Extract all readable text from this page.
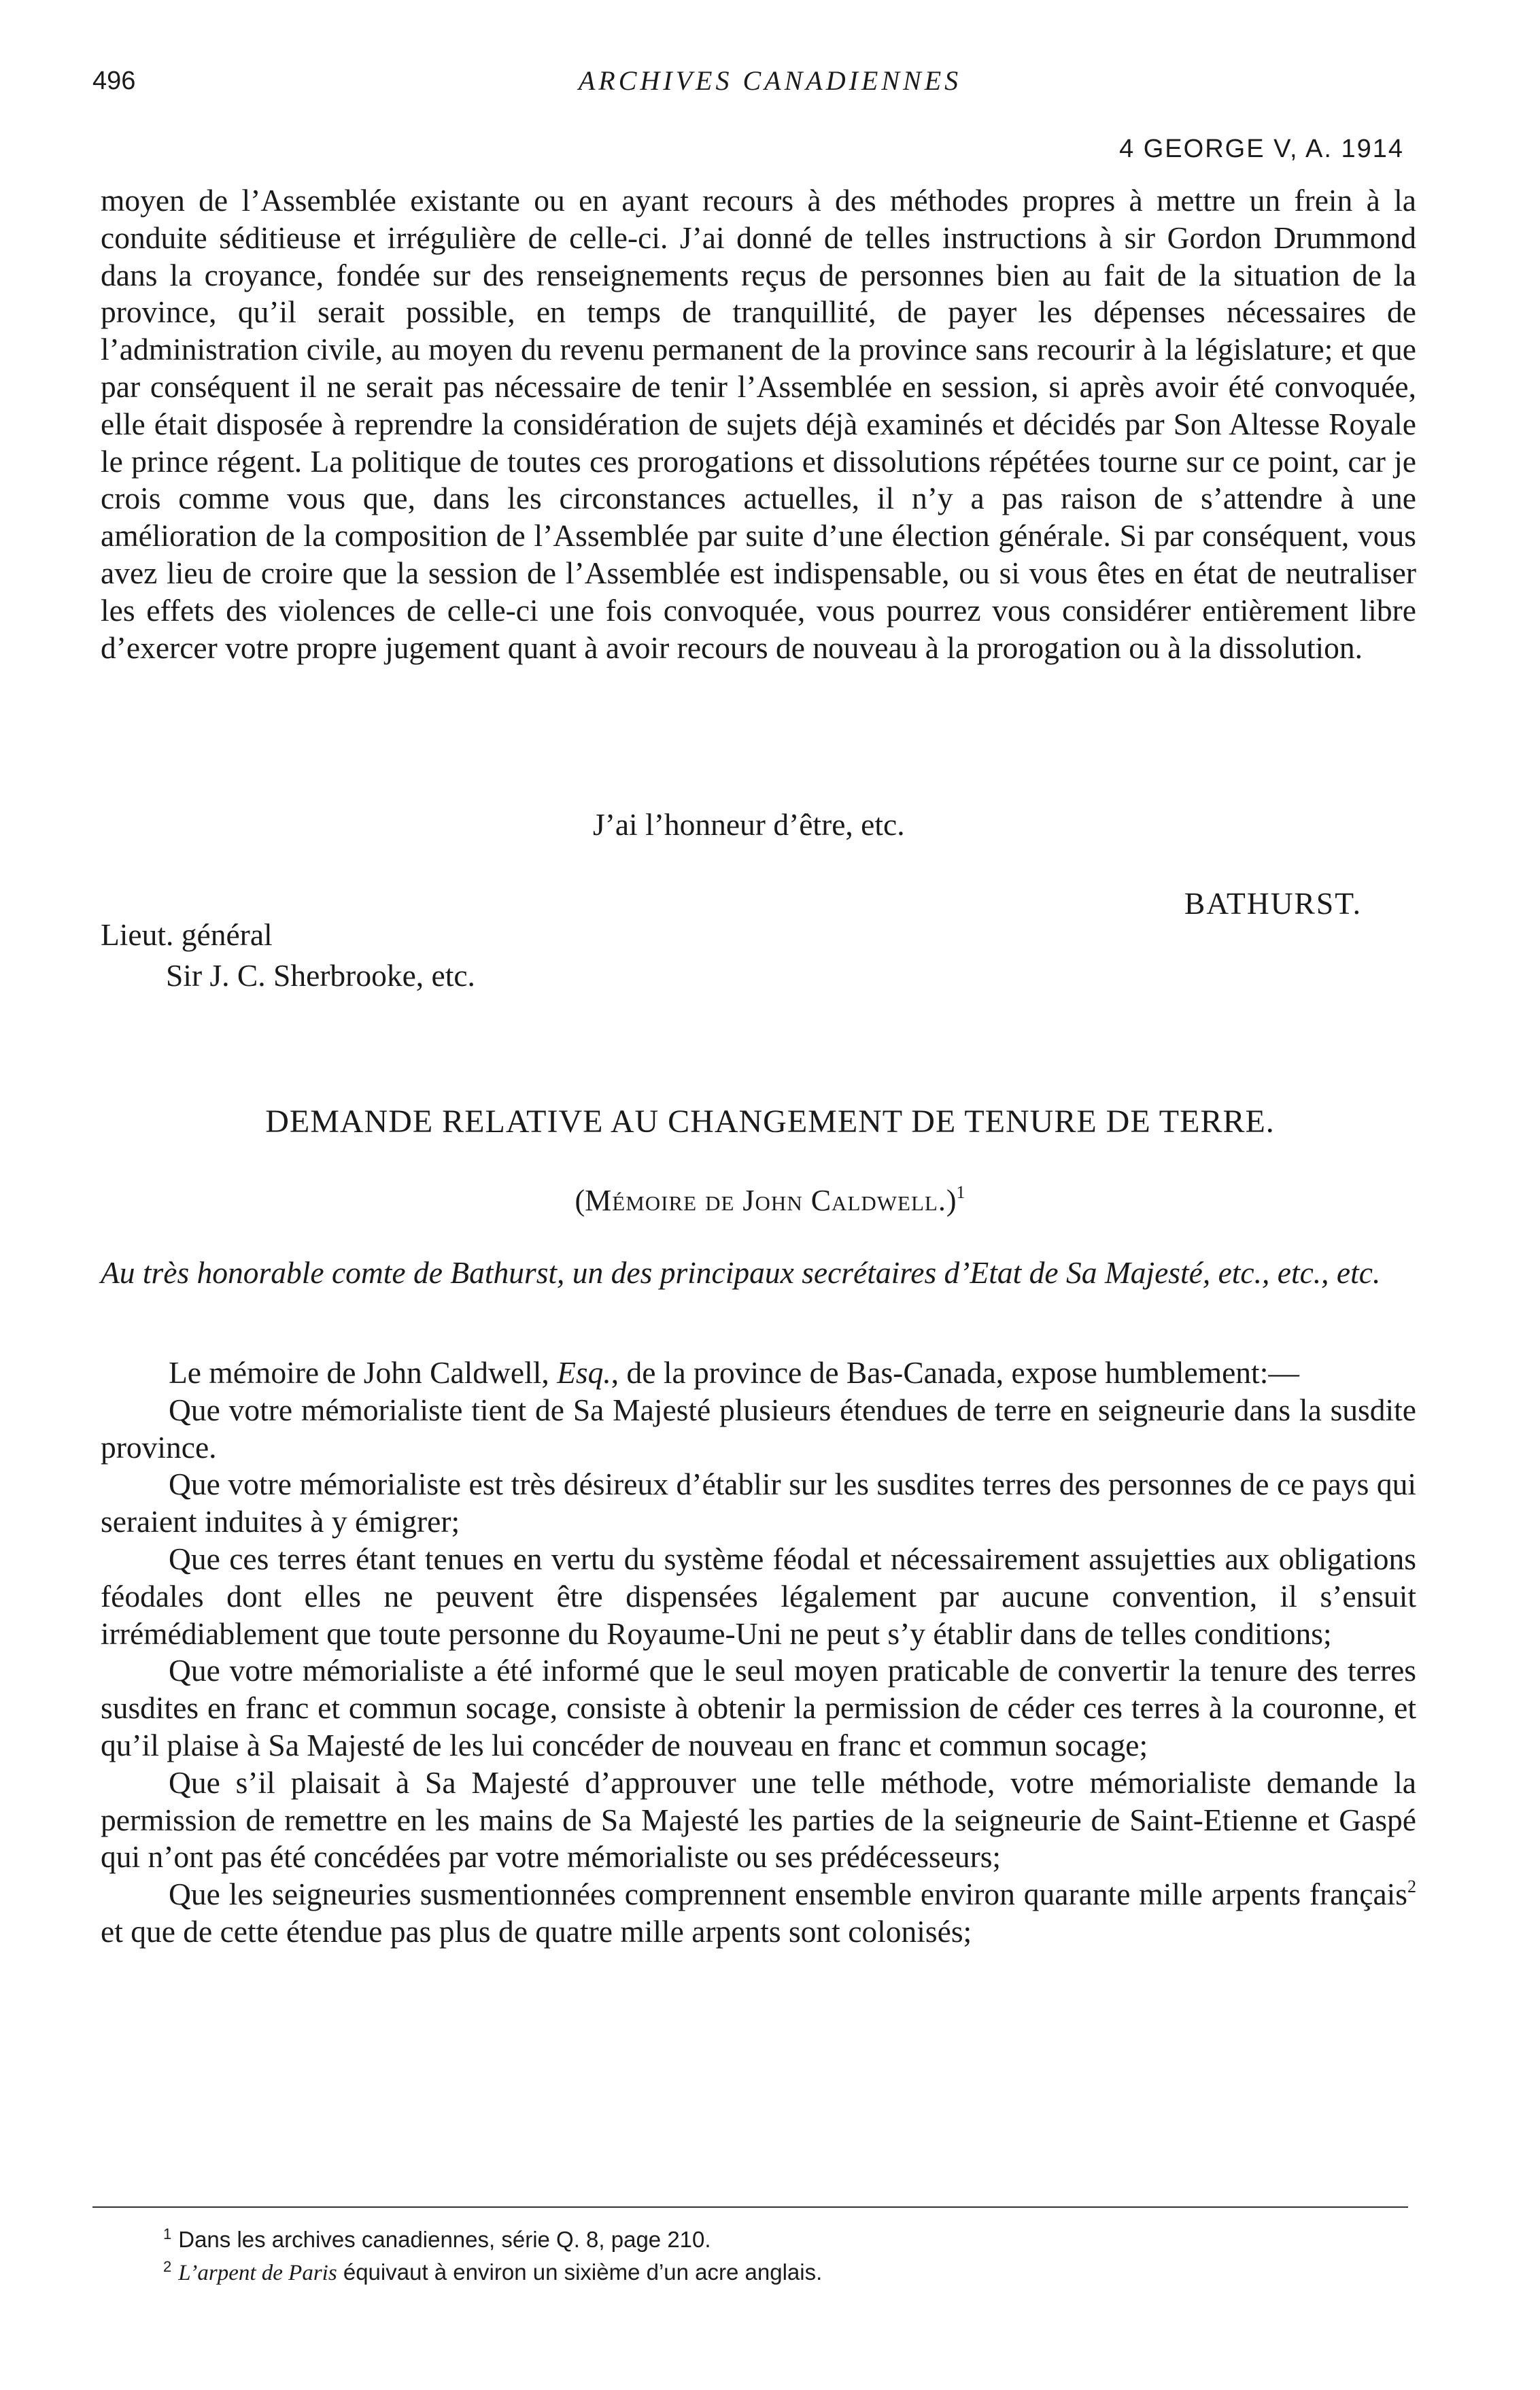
496	ARCHIVES CANADIENNES
4 GEORGE V, A. 1914

moyen de l’Assemblée existante ou en ayant recours à des méthodes propres à mettre un frein à la conduite séditieuse et irrégulière de celle-ci. J’ai donné de telles instructions à sir Gordon Drummond dans la croyance, fondée sur des renseignements reçus de personnes bien au fait de la situation de la province, qu’il serait possible, en temps de tranquillité, de payer les dépenses nécessaires de l’administration civile, au moyen du revenu permanent de la province sans recourir à la législature; et que par conséquent il ne serait pas nécessaire de tenir l’Assemblée en session, si après avoir été convoquée, elle était disposée à reprendre la considération de sujets déjà examinés et décidés par Son Altesse Royale le prince régent. La politique de toutes ces prorogations et dissolutions répétées tourne sur ce point, car je crois comme vous que, dans les circonstances actuelles, il n’y a pas raison de s’attendre à une amélioration de la composition de l’Assemblée par suite d’une élection générale. Si par conséquent, vous avez lieu de croire que la session de l’Assemblée est indispensable, ou si vous êtes en état de neutraliser les effets des violences de celle-ci une fois convoquée, vous pourrez vous considérer entièrement libre d’exercer votre propre jugement quant à avoir recours de nouveau à la prorogation ou à la dissolution.

J’ai l’honneur d’être, etc.
BATHURST.
Lieut. général
Sir J. C. Sherbrooke, etc.
DEMANDE RELATIVE AU CHANGEMENT DE TENURE DE TERRE.
(Mémoire de John Caldwell.)$^1$
Au très honorable comte de Bathurst, un des principaux secrétaires d’Etat de Sa Majesté, etc., etc., etc.

Le mémoire de John Caldwell, Esq., de la province de Bas-Canada, expose humblement:—

Que votre mémorialiste tient de Sa Majesté plusieurs étendues de terre en seigneurie dans la susdite province.

Que votre mémorialiste est très désireux d’établir sur les susdites terres des personnes de ce pays qui seraient induites à y émigrer;

Que ces terres étant tenues en vertu du système féodal et nécessairement assujetties aux obligations féodales dont elles ne peuvent être dispensées légalement par aucune convention, il s’ensuit irrémédiablement que toute personne du Royaume-Uni ne peut s’y établir dans de telles conditions;

Que votre mémorialiste a été informé que le seul moyen praticable de convertir la tenure des terres susdites en franc et commun socage, consiste à obtenir la permission de céder ces terres à la couronne, et qu’il plaise à Sa Majesté de les lui concéder de nouveau en franc et commun socage;

Que s’il plaisait à Sa Majesté d’approuver une telle méthode, votre mémorialiste demande la permission de remettre en les mains de Sa Majesté les parties de la seigneurie de Saint-Etienne et Gaspé qui n’ont pas été concédées par votre mémorialiste ou ses prédécesseurs;

Que les seigneuries susmentionnées comprennent ensemble environ quarante mille arpents français$^2$ et que de cette étendue pas plus de quatre mille arpents sont colonisés;

$^1$ Dans les archives canadiennes, série Q. 8, page 210.
$^2$ L’arpent de Paris équivaut à environ un sixième d’un acre anglais.
